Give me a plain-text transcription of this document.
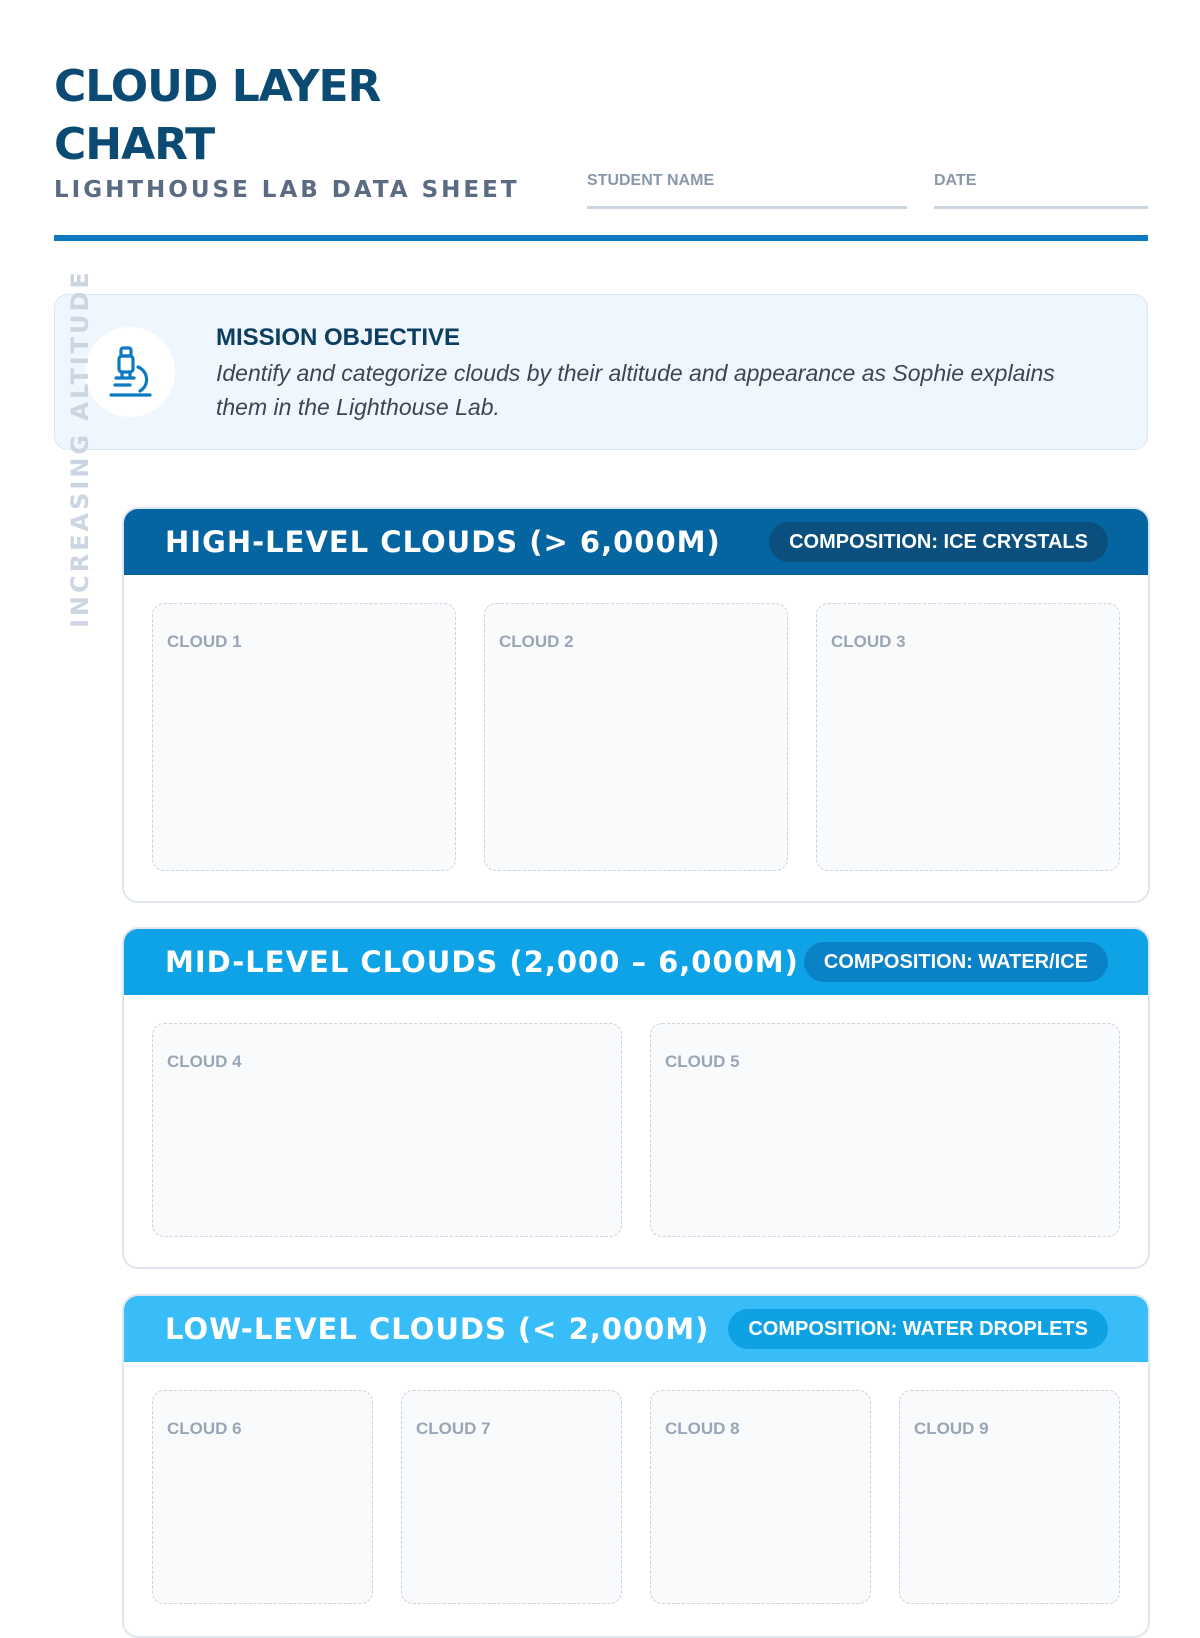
CLOUD LAYER CHART
LIGHTHOUSE LAB DATA SHEET	STUDENT NAME	DATE
MISSION OBJECTIVE
Identify and categorize clouds by their altitude and appearance as Sophie explains them in the Lighthouse Lab.
INCREASING ALTITUDE HIGH-LEVEL CLOUDS (> 6,000M)	COMPOSITION: ICE CRYSTALS
CLOUD 1	CLOUD 2	CLOUD 3
MID-LEVEL CLOUDS (2,000 – 6,000M)	COMPOSITION: WATER/ICE
CLOUD 4	CLOUD 5
LOW-LEVEL CLOUDS (< 2,000M)	COMPOSITION: WATER DROPLETS
CLOUD 6	CLOUD 7	CLOUD 8	CLOUD 9
